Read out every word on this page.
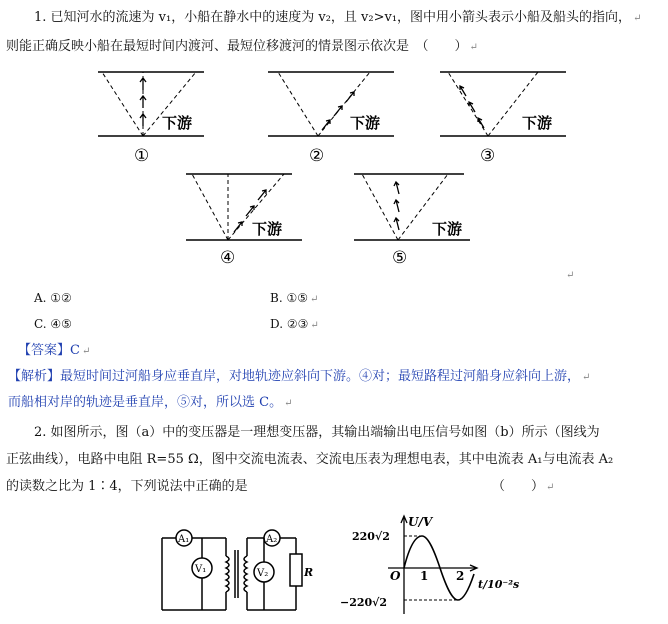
1. 已知河水的流速为 v₁，小船在静水中的速度为 v₂，且 v₂>v₁，图中用小箭头表示小船及船头的指向， ↵
则能正确反映小船在最短时间内渡河、最短位移渡河的情景图示依次是　（　　） ↵
下游
①
下游
②
下游
③
下游
④
下游
⑤
↵
A. ①②	B. ①⑤ ↵
C. ④⑤	D. ②③ ↵
【答案】C ↵
【解析】最短时间过河船身应垂直岸，对地轨迹应斜向下游。④对；最短路程过河船身应斜向上游， ↵
而船相对岸的轨迹是垂直岸，⑤对，所以选 C。 ↵
2. 如图所示，图（a）中的变压器是一理想变压器，其输出端输出电压信号如图（b）所示（图线为
正弦曲线），电路中电阻 R=55 Ω，图中交流电流表、交流电压表为理想电表，其中电流表 A₁与电流表 A₂
的读数之比为 1∶4，下列说法中正确的是	（　　） ↵
A₁
V₁
A₂
V₂	R
U/V
220√2
−220√2
O 1 2
t/10⁻²s
